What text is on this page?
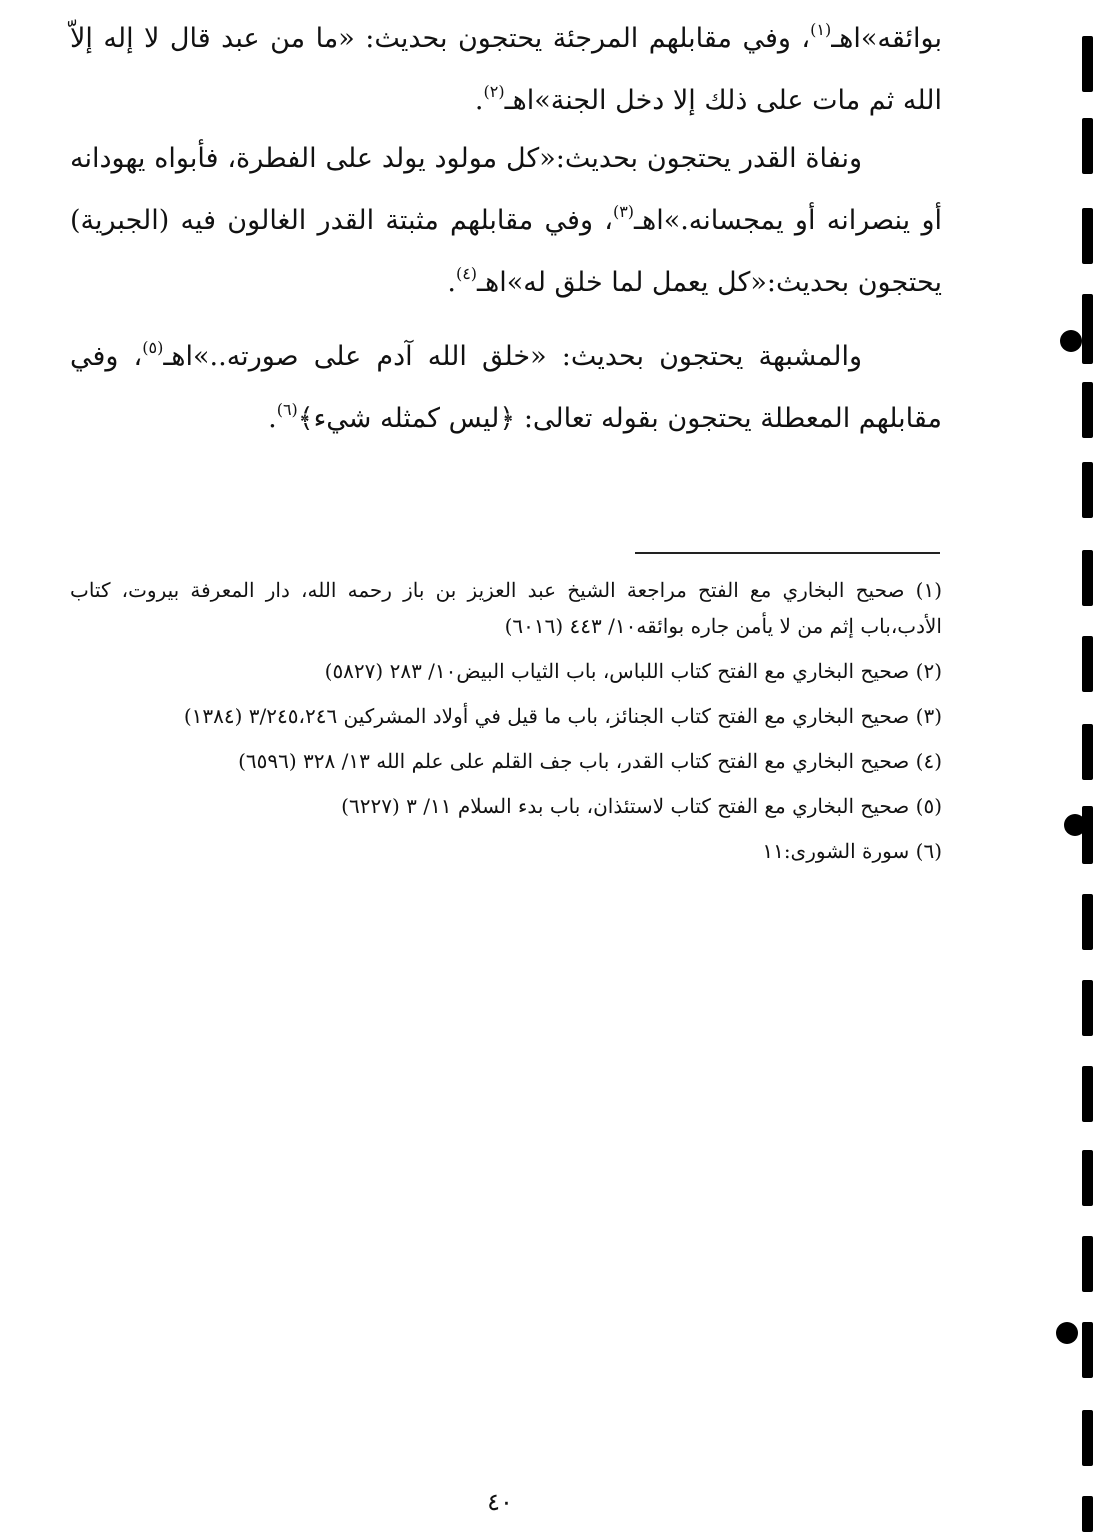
بوائقه»اهـ$^{(١)}$، وفي مقابلهم المرجئة يحتجون بحديث: «ما من عبد قال لا إله إلاّ الله ثم مات على ذلك إلا دخل الجنة»اهـ$^{(٢)}$.

ونفاة القدر يحتجون بحديث:«كل مولود يولد على الفطرة، فأبواه يهودانه أو ينصرانه أو يمجسانه.»اهـ$^{(٣)}$، وفي مقابلهم مثبتة القدر الغالون فيه (الجبرية) يحتجون بحديث:«كل يعمل لما خلق له»اهـ$^{(٤)}$.

والمشبهة يحتجون بحديث: «خلق الله آدم على صورته..»اهـ$^{(٥)}$، وفي مقابلهم المعطلة يحتجون بقوله تعالى: ﴿ليس كمثله شيء﴾$^{(٦)}$.

(١) صحيح البخاري مع الفتح مراجعة الشيخ عبد العزيز بن باز رحمه الله، دار المعرفة بيروت، كتاب الأدب،باب إثم من لا يأمن جاره بوائقه١٠/ ٤٤٣ (٦٠١٦)

(٢) صحيح البخاري مع الفتح كتاب اللباس، باب الثياب البيض١٠/ ٢٨٣ (٥٨٢٧)

(٣) صحيح البخاري مع الفتح كتاب الجنائز، باب ما قيل في أولاد المشركين ٣/٢٤٥،٢٤٦ (١٣٨٤)

(٤) صحيح البخاري مع الفتح كتاب القدر، باب جف القلم على علم الله ١٣/ ٣٢٨ (٦٥٩٦)

(٥) صحيح البخاري مع الفتح كتاب لاستئذان، باب بدء السلام ١١/ ٣ (٦٢٢٧)

(٦) سورة الشورى:١١

٤٠
